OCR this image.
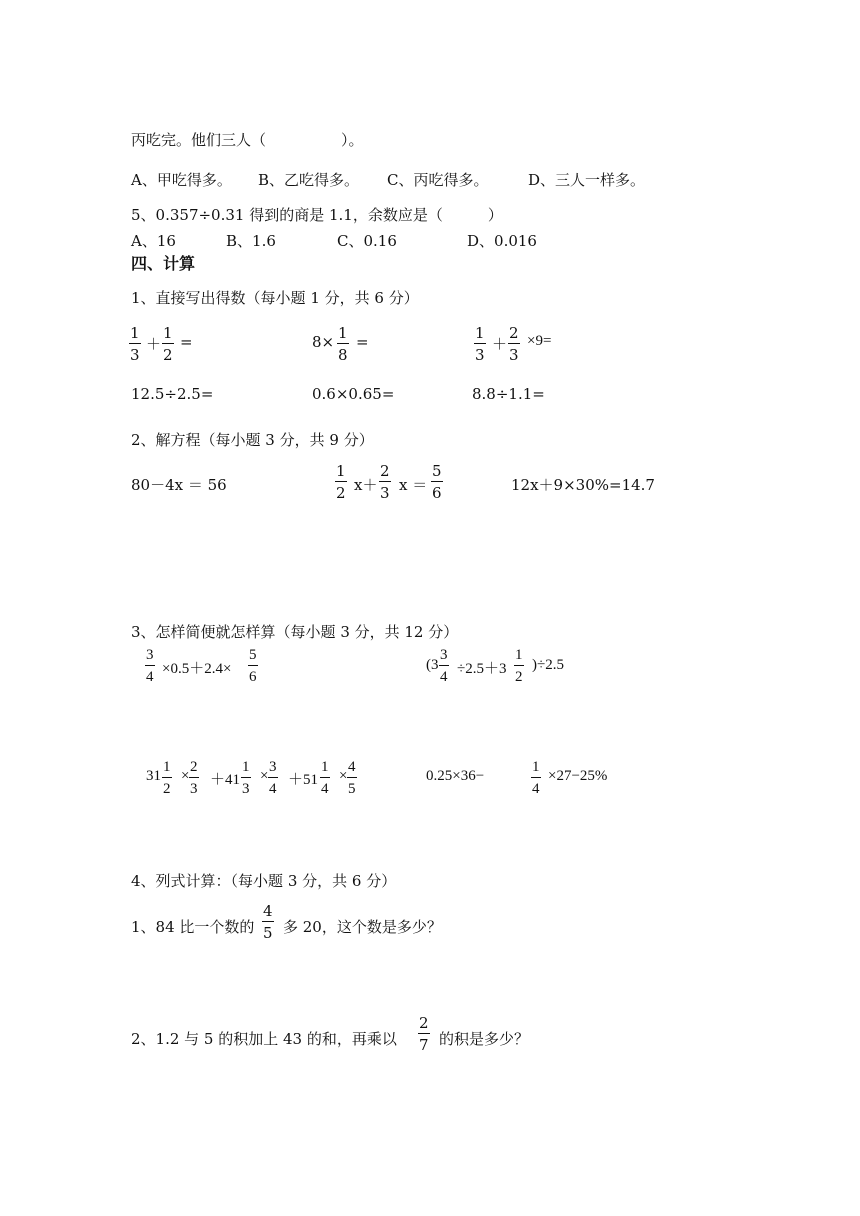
丙吃完。他们三人（　　　　　）。
A、甲吃得多。 B、乙吃得多。 C、丙吃得多。	D、三人一样多。
5、0.357÷0.31 得到的商是 1.1，余数应是（　　　）
A、16	B、1.6	C、0.16	D、0.016
四、计算
1、直接写出得数（每小题 1 分，共 6 分）
$\frac{1}{3} + \frac{1}{2}$ =	$8\times \frac{1}{8}$ =	$\frac{1}{3} + \frac{2}{3} \times 9=$
12.5÷2.5=	0.6×0.65=	8.8÷1.1=
2、解方程（每小题 3 分，共 9 分）
80－4x ＝ 56	$\frac{1}{2} x+ \frac{2}{3}$ $x = \frac{5}{6}$	12x＋9×30%=14.7
3、怎样简便就怎样算（每小题 3 分，共 12 分）
$\frac{3}{4} \times 0.5+2.4\times \frac{5}{6}$	$(3 \frac{3}{4} \div 2.5+3 \frac{1}{2} )\div 2.5$
$31 \frac{1}{2} \times \frac{2}{3} +41 \frac{1}{3} \times \frac{3}{4} +51 \frac{1}{4} \times \frac{4}{5}$	0.25×36−	$\frac{1}{4} \times 27-25\%$
4、列式计算：（每小题 3 分，共 6 分）
1、84 比一个数的 $\frac{4}{5}$ 多 20，这个数是多少？
2、1.2 与 5 的积加上 43 的和，再乘以 $\frac{2}{7}$ 的积是多少？
